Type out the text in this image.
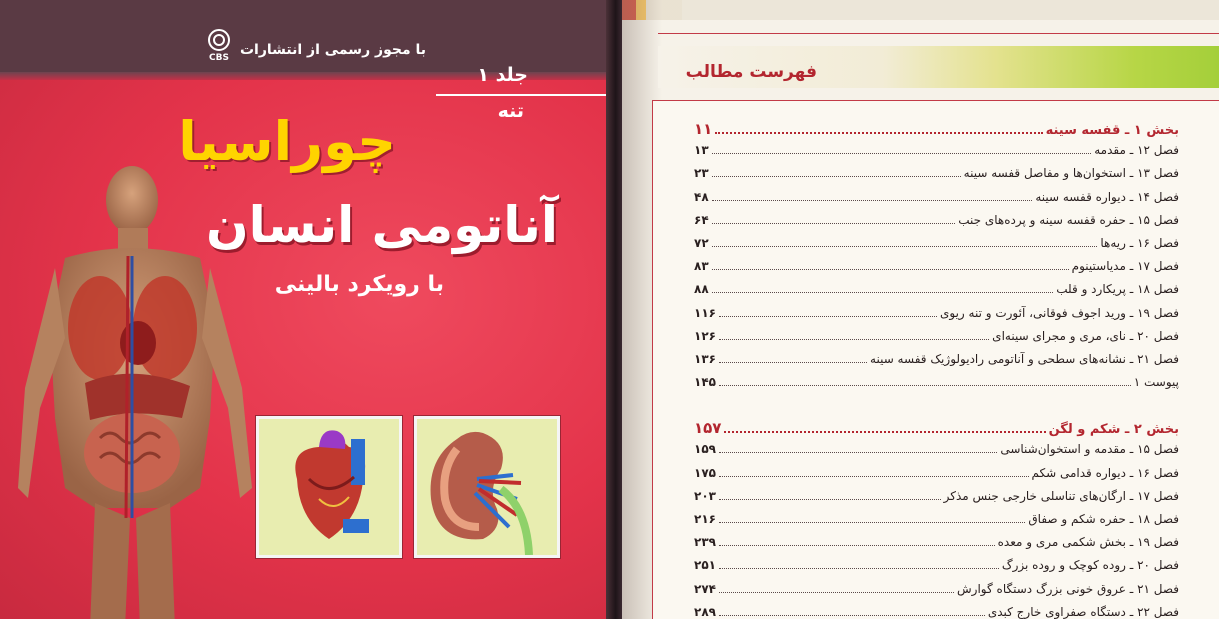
با مجوز رسمی از انتشارات
CBS
جلد ۱
تنه
چوراسیا
آناتومی انسان
با رویکرد بالینی
فهرست مطالب
بخش ۱ ـ قفسه سینه
۱۱
فصل ۱۲ ـ مقدمه
۱۳
فصل ۱۳ ـ استخوان‌ها و مفاصل قفسه سینه
۲۳
فصل ۱۴ ـ دیواره قفسه سینه
۴۸
فصل ۱۵ ـ حفره قفسه سینه و پرده‌های جنب
۶۴
فصل ۱۶ ـ ریه‌ها
۷۲
فصل ۱۷ ـ مدیاستینوم
۸۳
فصل ۱۸ ـ پریکارد و قلب
۸۸
فصل ۱۹ ـ ورید اجوف فوقانی، آئورت و تنه ریوی
۱۱۶
فصل ۲۰ ـ نای، مری و مجرای سینه‌ای
۱۲۶
فصل ۲۱ ـ نشانه‌های سطحی و آناتومی رادیولوژیک قفسه سینه
۱۳۶
پیوست ۱
۱۴۵
بخش ۲ ـ شکم و لگن
۱۵۷
فصل ۱۵ ـ مقدمه و استخوان‌شناسی
۱۵۹
فصل ۱۶ ـ دیواره قدامی شکم
۱۷۵
فصل ۱۷ ـ ارگان‌های تناسلی خارجی جنس مذکر
۲۰۳
فصل ۱۸ ـ حفره شکم و صفاق
۲۱۶
فصل ۱۹ ـ بخش شکمی مری و معده
۲۳۹
فصل ۲۰ ـ روده کوچک و روده بزرگ
۲۵۱
فصل ۲۱ ـ عروق خونی بزرگ دستگاه گوارش
۲۷۴
فصل ۲۲ ـ دستگاه صفراوی خارج کبدی
۲۸۹
